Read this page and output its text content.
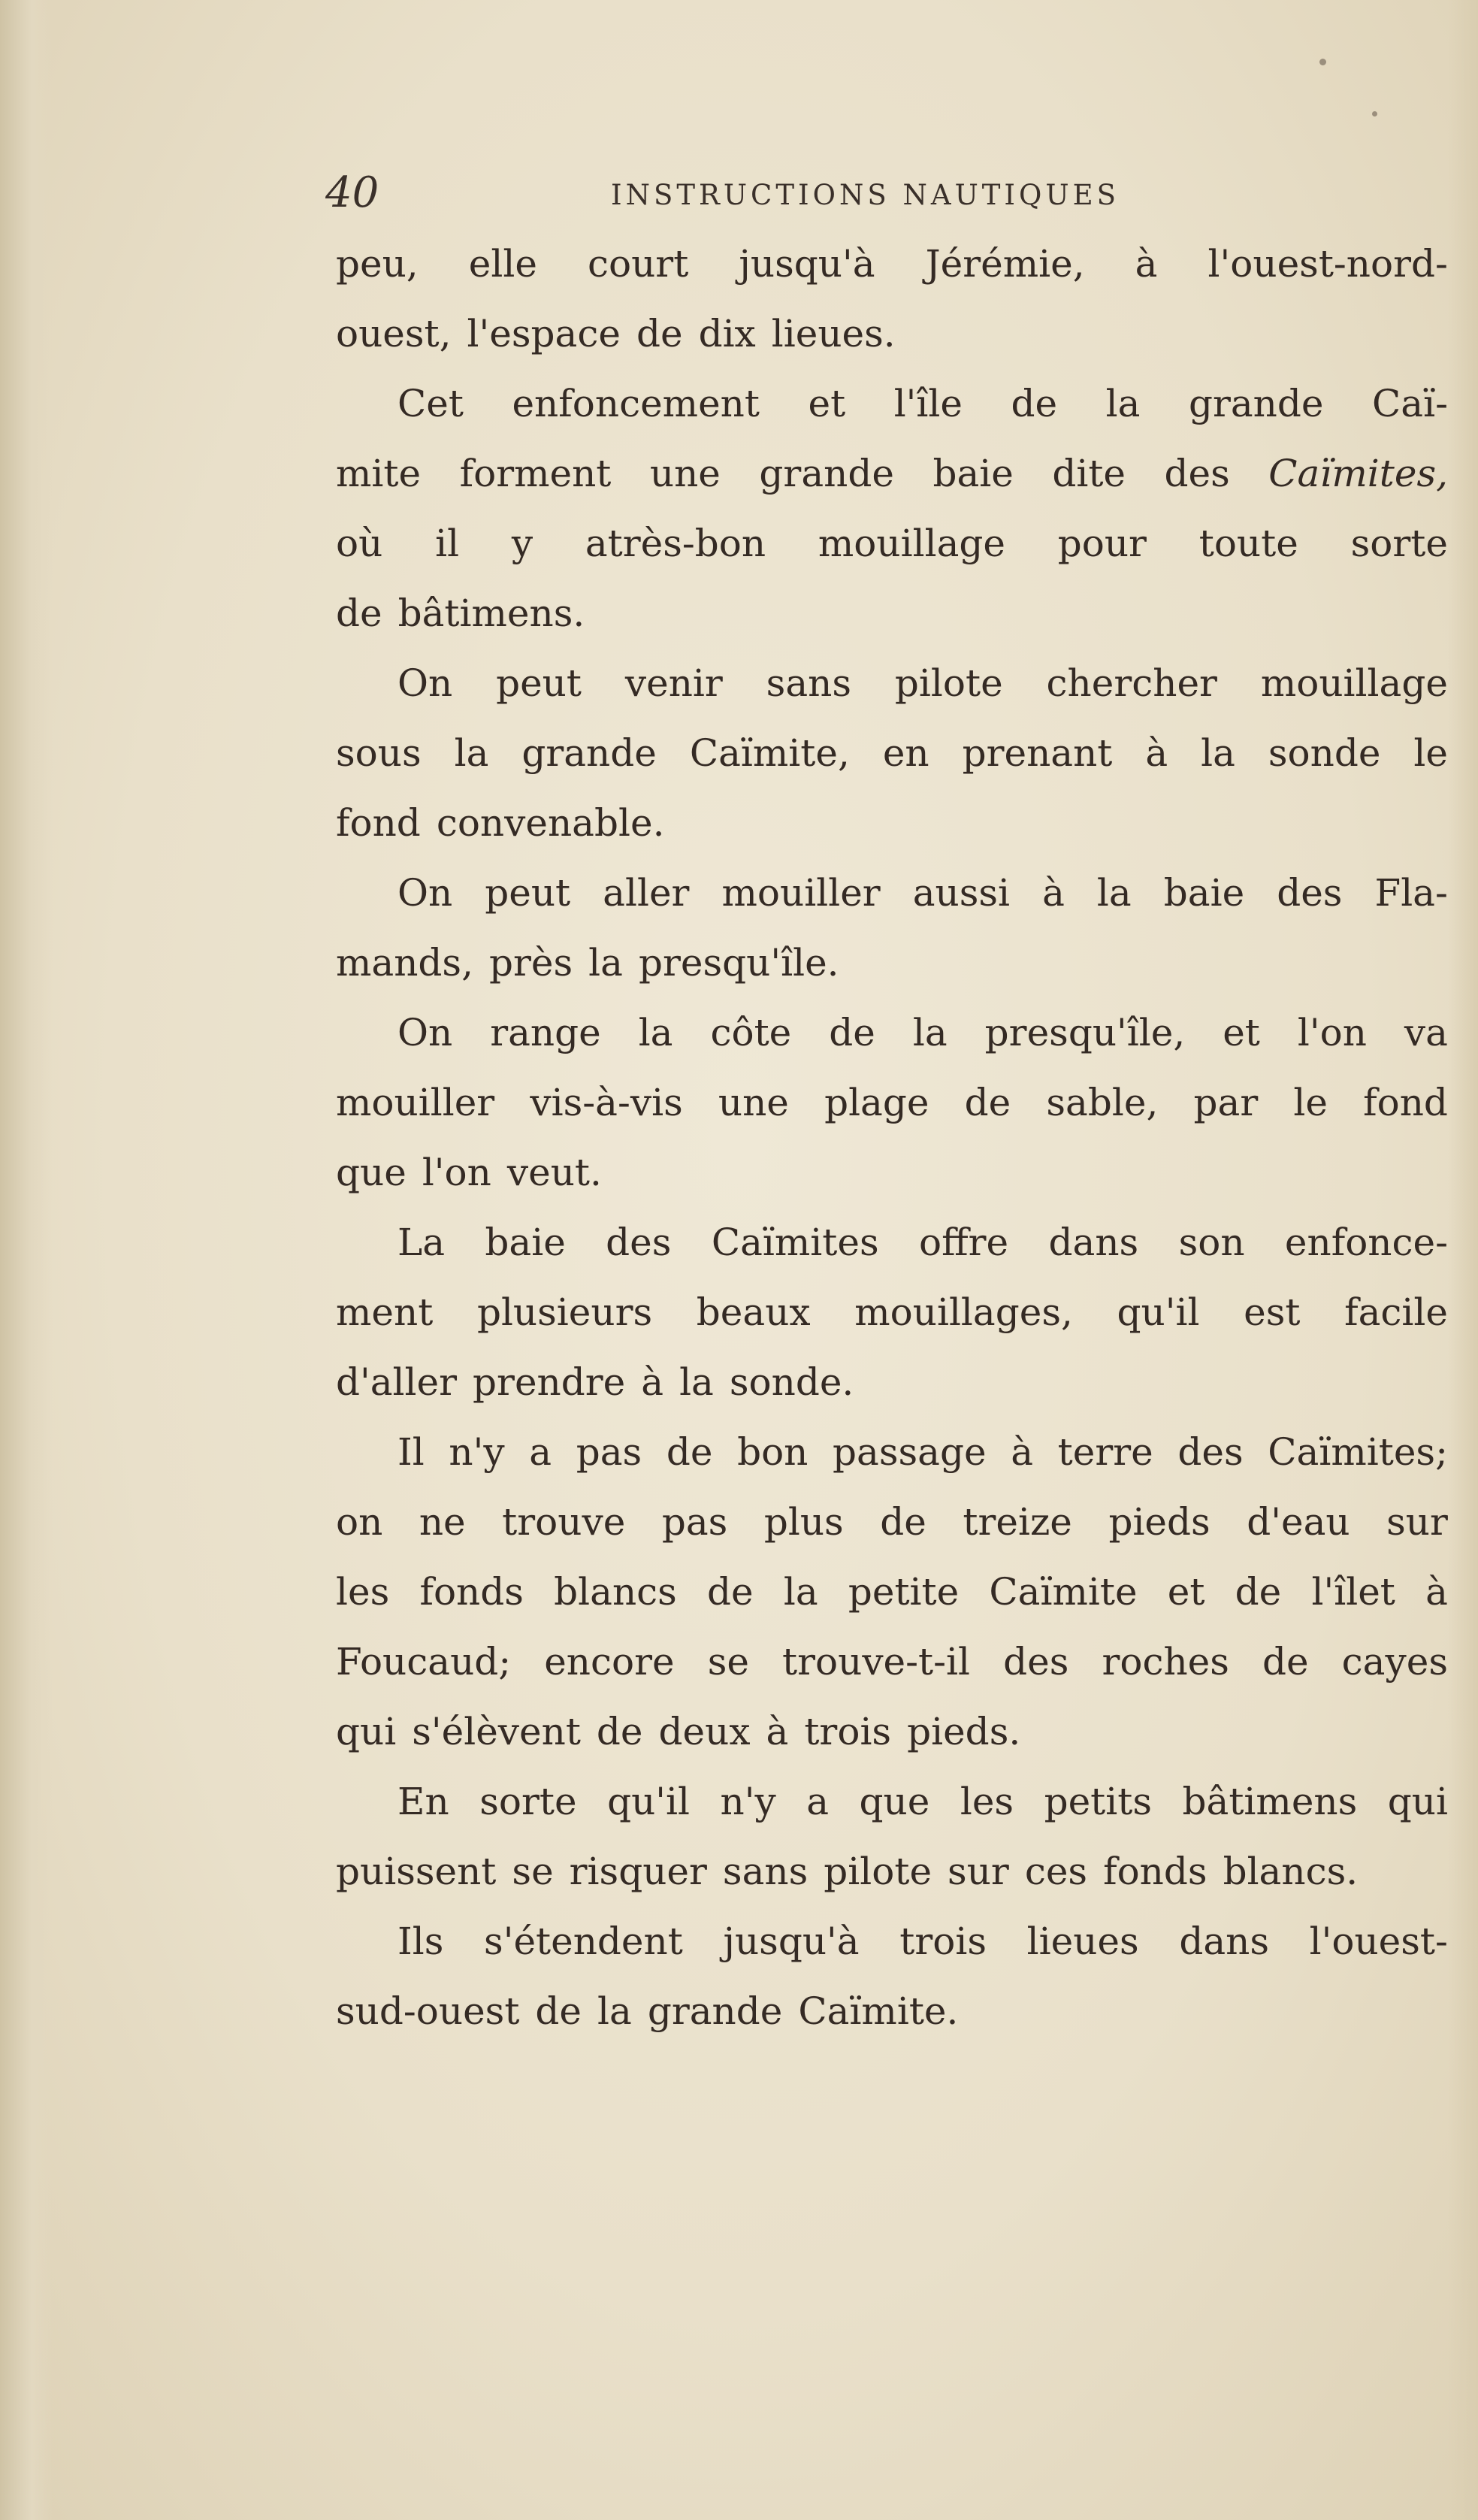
40	INSTRUCTIONS NAUTIQUES
peu, elle court jusqu'à Jérémie, à l'ouest-nord-
ouest, l'espace de dix lieues.
Cet enfoncement et l'île de la grande Caï-
mite forment une grande baie dite des Caïmites,
où il y atrès-bon mouillage pour toute sorte
de bâtimens.
On peut venir sans pilote chercher mouillage
sous la grande Caïmite, en prenant à la sonde le
fond convenable.
On peut aller mouiller aussi à la baie des Fla-
mands, près la presqu'île.
On range la côte de la presqu'île, et l'on va
mouiller vis-à-vis une plage de sable, par le fond
que l'on veut.
La baie des Caïmites offre dans son enfonce-
ment plusieurs beaux mouillages, qu'il est facile
d'aller prendre à la sonde.
Il n'y a pas de bon passage à terre des Caïmites;
on ne trouve pas plus de treize pieds d'eau sur
les fonds blancs de la petite Caïmite et de l'îlet à
Foucaud; encore se trouve-t-il des roches de cayes
qui s'élèvent de deux à trois pieds.
En sorte qu'il n'y a que les petits bâtimens qui
puissent se risquer sans pilote sur ces fonds blancs.
Ils s'étendent jusqu'à trois lieues dans l'ouest-
sud-ouest de la grande Caïmite.
